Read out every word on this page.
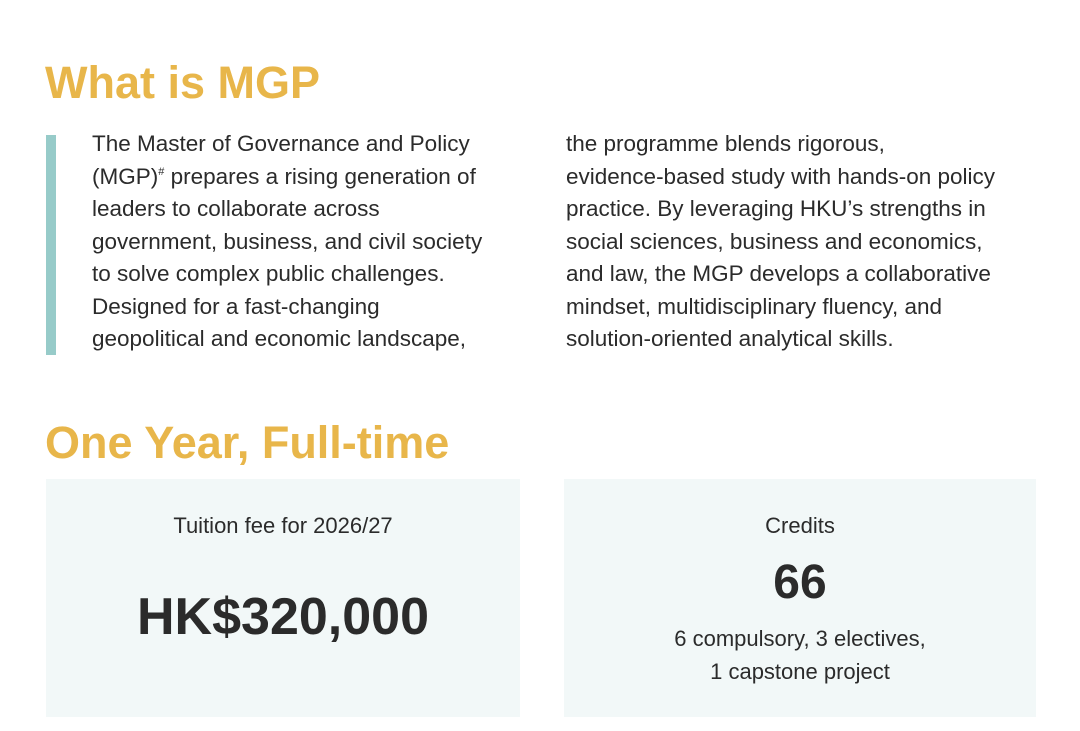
What is MGP

The Master of Governance and Policy
(MGP)# prepares a rising generation of
leaders to collaborate across
government, business, and civil society
to solve complex public challenges.
Designed for a fast-changing
geopolitical and economic landscape,

the programme blends rigorous,
evidence-based study with hands-on policy
practice. By leveraging HKU’s strengths in
social sciences, business and economics,
and law, the MGP develops a collaborative
mindset, multidisciplinary fluency, and
solution-oriented analytical skills.

One Year, Full-time
Tuition fee for 2026/27
HK$320,000
Credits
66
6 compulsory, 3 electives,
1 capstone project
